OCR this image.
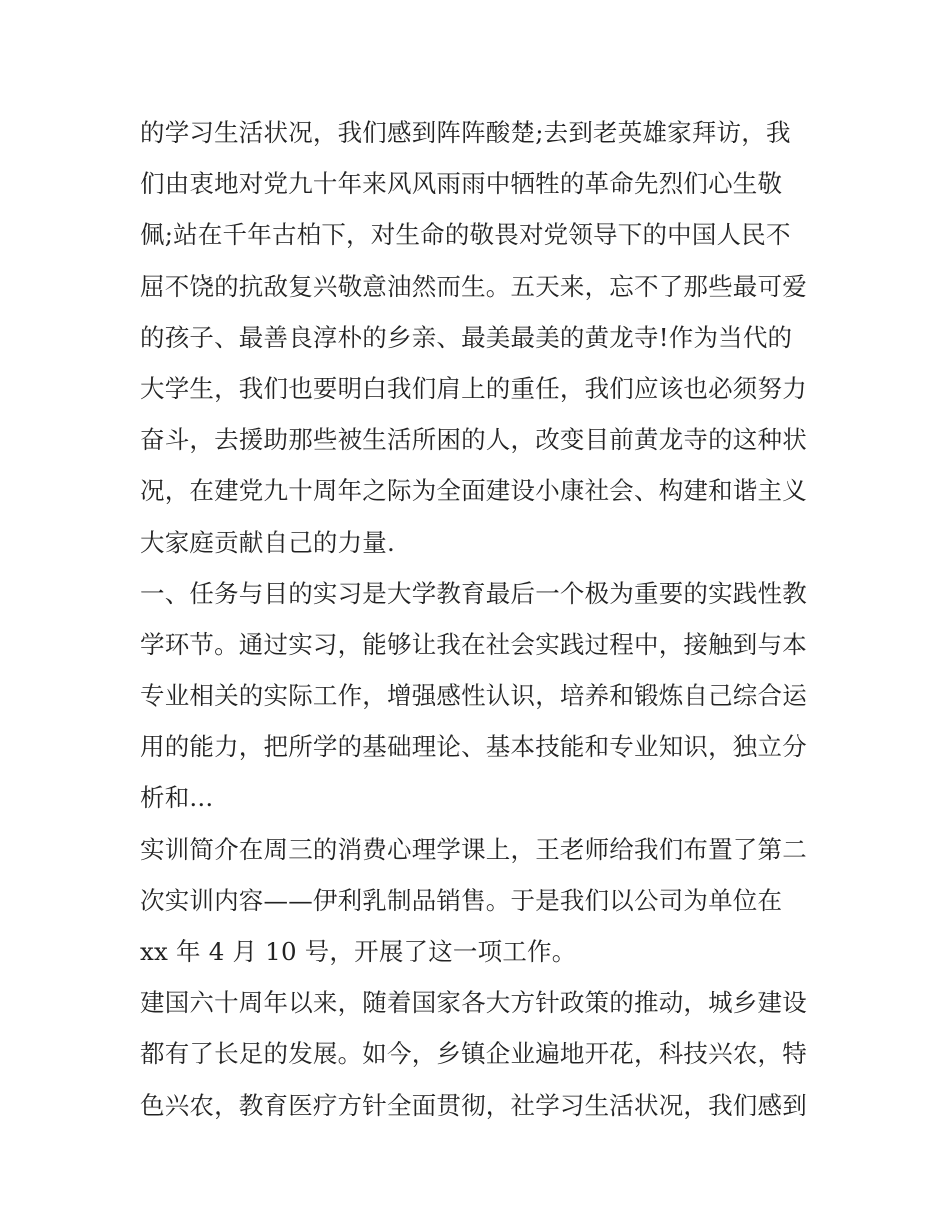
的学习生活状况，我们感到阵阵酸楚;去到老英雄家拜访，我
们由衷地对党九十年来风风雨雨中牺牲的革命先烈们心生敬
佩;站在千年古柏下，对生命的敬畏对党领导下的中国人民不
屈不饶的抗敌复兴敬意油然而生。五天来，忘不了那些最可爱
的孩子、最善良淳朴的乡亲、最美最美的黄龙寺!作为当代的
大学生，我们也要明白我们肩上的重任，我们应该也必须努力
奋斗，去援助那些被生活所困的人，改变目前黄龙寺的这种状
况，在建党九十周年之际为全面建设小康社会、构建和谐主义
大家庭贡献自己的力量.
一、任务与目的实习是大学教育最后一个极为重要的实践性教
学环节。通过实习，能够让我在社会实践过程中，接触到与本
专业相关的实际工作，增强感性认识，培养和锻炼自己综合运
用的能力，把所学的基础理论、基本技能和专业知识，独立分
析和...
实训简介在周三的消费心理学课上，王老师给我们布置了第二
次实训内容——伊利乳制品销售。于是我们以公司为单位在
xx 年 4 月 10 号，开展了这一项工作。
建国六十周年以来，随着国家各大方针政策的推动，城乡建设
都有了长足的发展。如今，乡镇企业遍地开花，科技兴农，特
色兴农，教育医疗方针全面贯彻，社学习生活状况，我们感到
